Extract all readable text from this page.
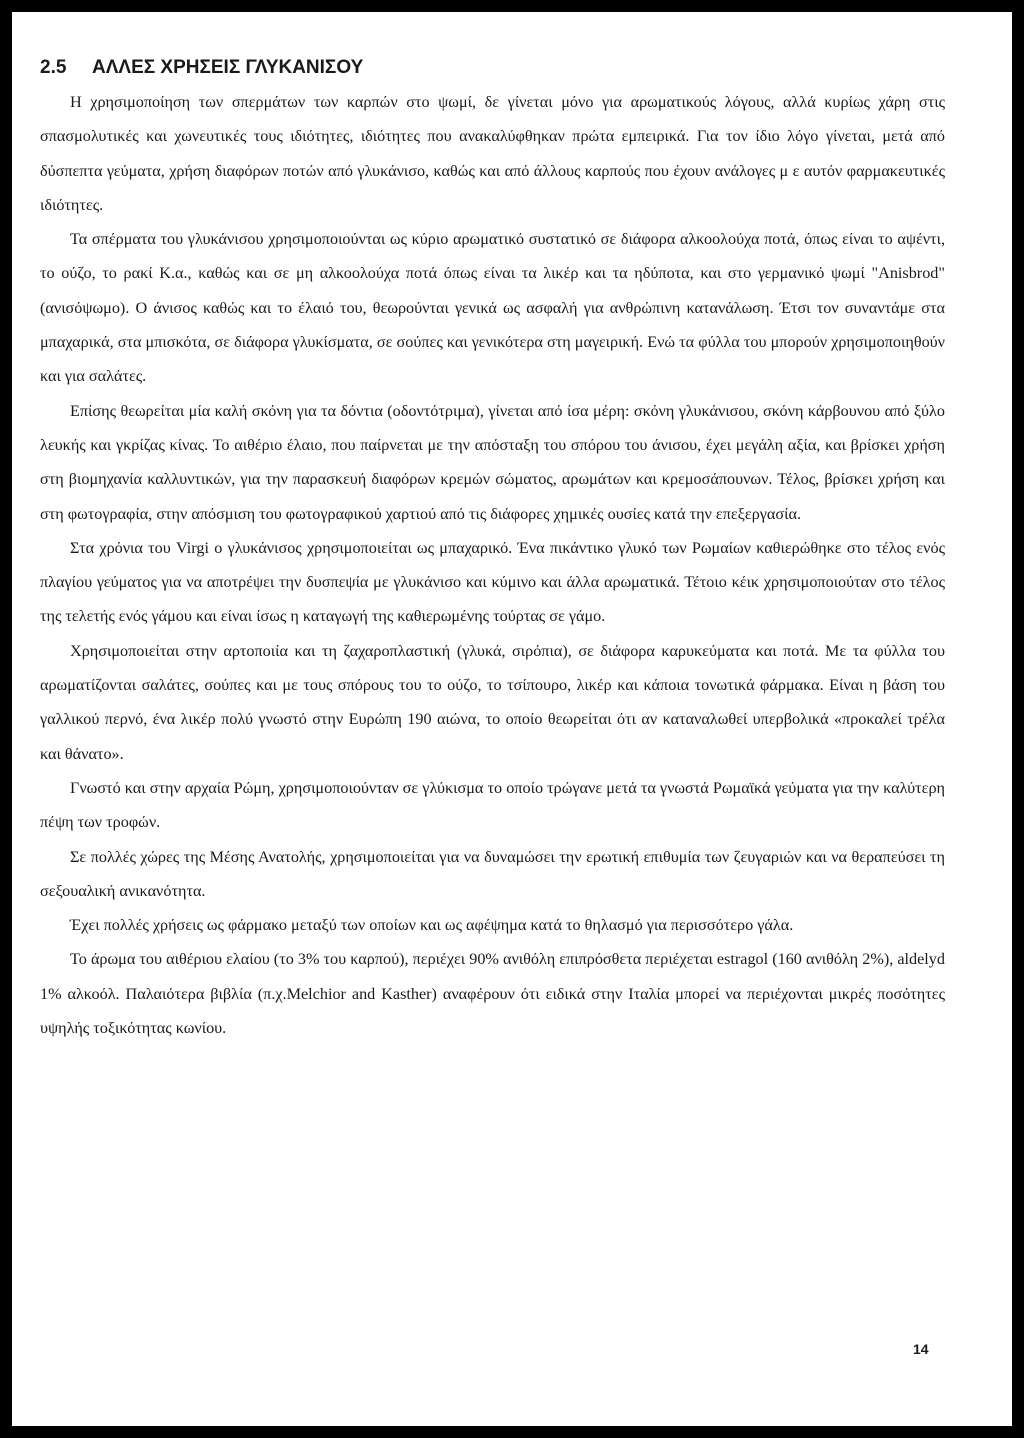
2.5 ΑΛΛΕΣ ΧΡΗΣΕΙΣ ΓΛΥΚΑΝΙΣΟΥ

Η χρησιμοποίηση των σπερμάτων των καρπών στο ψωμί, δε γίνεται μόνο για αρωματικούς λόγους, αλλά κυρίως χάρη στις σπασμολυτικές και χωνευτικές τους ιδιότητες, ιδιότητες που ανακαλύφθηκαν πρώτα εμπειρικά. Για τον ίδιο λόγο γίνεται, μετά από δύσπεπτα γεύματα, χρήση διαφόρων ποτών από γλυκάνισο, καθώς και από άλλους καρπούς που έχουν ανάλογες μ ε αυτόν φαρμακευτικές ιδιότητες.

Τα σπέρματα του γλυκάνισου χρησιμοποιούνται ως κύριο αρωματικό συστατικό σε διάφορα αλκοολούχα ποτά, όπως είναι το αψέντι, το ούζο, το ρακί Κ.α., καθώς και σε μη αλκοολούχα ποτά όπως είναι τα λικέρ και τα ηδύποτα, και στο γερμανικό ψωμί "Anisbrod" (ανισόψωμο). Ο άνισος καθώς και το έλαιό του, θεωρούνται γενικά ως ασφαλή για ανθρώπινη κατανάλωση. Έτσι τον συναντάμε στα μπαχαρικά, στα μπισκότα, σε διάφορα γλυκίσματα, σε σούπες και γενικότερα στη μαγειρική. Ενώ τα φύλλα του μπορούν χρησιμοποιηθούν και για σαλάτες.

Επίσης θεωρείται μία καλή σκόνη για τα δόντια (οδοντότριμα), γίνεται από ίσα μέρη: σκόνη γλυκάνισου, σκόνη κάρβουνου από ξύλο λευκής και γκρίζας κίνας. Το αιθέριο έλαιο, που παίρνεται με την απόσταξη του σπόρου του άνισου, έχει μεγάλη αξία, και βρίσκει χρήση στη βιομηχανία καλλυντικών, για την παρασκευή διαφόρων κρεμών σώματος, αρωμάτων και κρεμοσάπουνων. Τέλος, βρίσκει χρήση και στη φωτογραφία, στην απόσμιση του φωτογραφικού χαρτιού από τις διάφορες χημικές ουσίες κατά την επεξεργασία.

Στα χρόνια του Virgi ο γλυκάνισος χρησιμοποιείται ως μπαχαρικό. Ένα πικάντικο γλυκό των Ρωμαίων καθιερώθηκε στο τέλος ενός πλαγίου γεύματος για να αποτρέψει την δυσπεψία με γλυκάνισο και κύμινο και άλλα αρωματικά. Τέτοιο κέικ χρησιμοποιούταν στο τέλος της τελετής ενός γάμου και είναι ίσως η καταγωγή της καθιερωμένης τούρτας σε γάμο.

Χρησιμοποιείται στην αρτοποιία και τη ζαχαροπλαστική (γλυκά, σιρόπια), σε διάφορα καρυκεύματα και ποτά. Με τα φύλλα του αρωματίζονται σαλάτες, σούπες και με τους σπόρους του το ούζο, το τσίπουρο, λικέρ και κάποια τονωτικά φάρμακα. Είναι η βάση του γαλλικού περνό, ένα λικέρ πολύ γνωστό στην Ευρώπη 190 αιώνα, το οποίο θεωρείται ότι αν καταναλωθεί υπερβολικά «προκαλεί τρέλα και θάνατο».

Γνωστό και στην αρχαία Ρώμη, χρησιμοποιούνταν σε γλύκισμα το οποίο τρώγανε μετά τα γνωστά Ρωμαϊκά γεύματα για την καλύτερη πέψη των τροφών.

Σε πολλές χώρες της Μέσης Ανατολής, χρησιμοποιείται για να δυναμώσει την ερωτική επιθυμία των ζευγαριών και να θεραπεύσει τη σεξουαλική ανικανότητα.

Έχει πολλές χρήσεις ως φάρμακο μεταξύ των οποίων και ως αφέψημα κατά το θηλασμό για περισσότερο γάλα.

Το άρωμα του αιθέριου ελαίου (το 3% του καρπού), περιέχει 90% ανιθόλη επιπρόσθετα περιέχεται estragol (160 ανιθόλη 2%), aldelyd 1% αλκοόλ. Παλαιότερα βιβλία (π.χ.Melchior and Kasther) αναφέρουν ότι ειδικά στην Ιταλία μπορεί να περιέχονται μικρές ποσότητες υψηλής τοξικότητας κωνίου.

14
